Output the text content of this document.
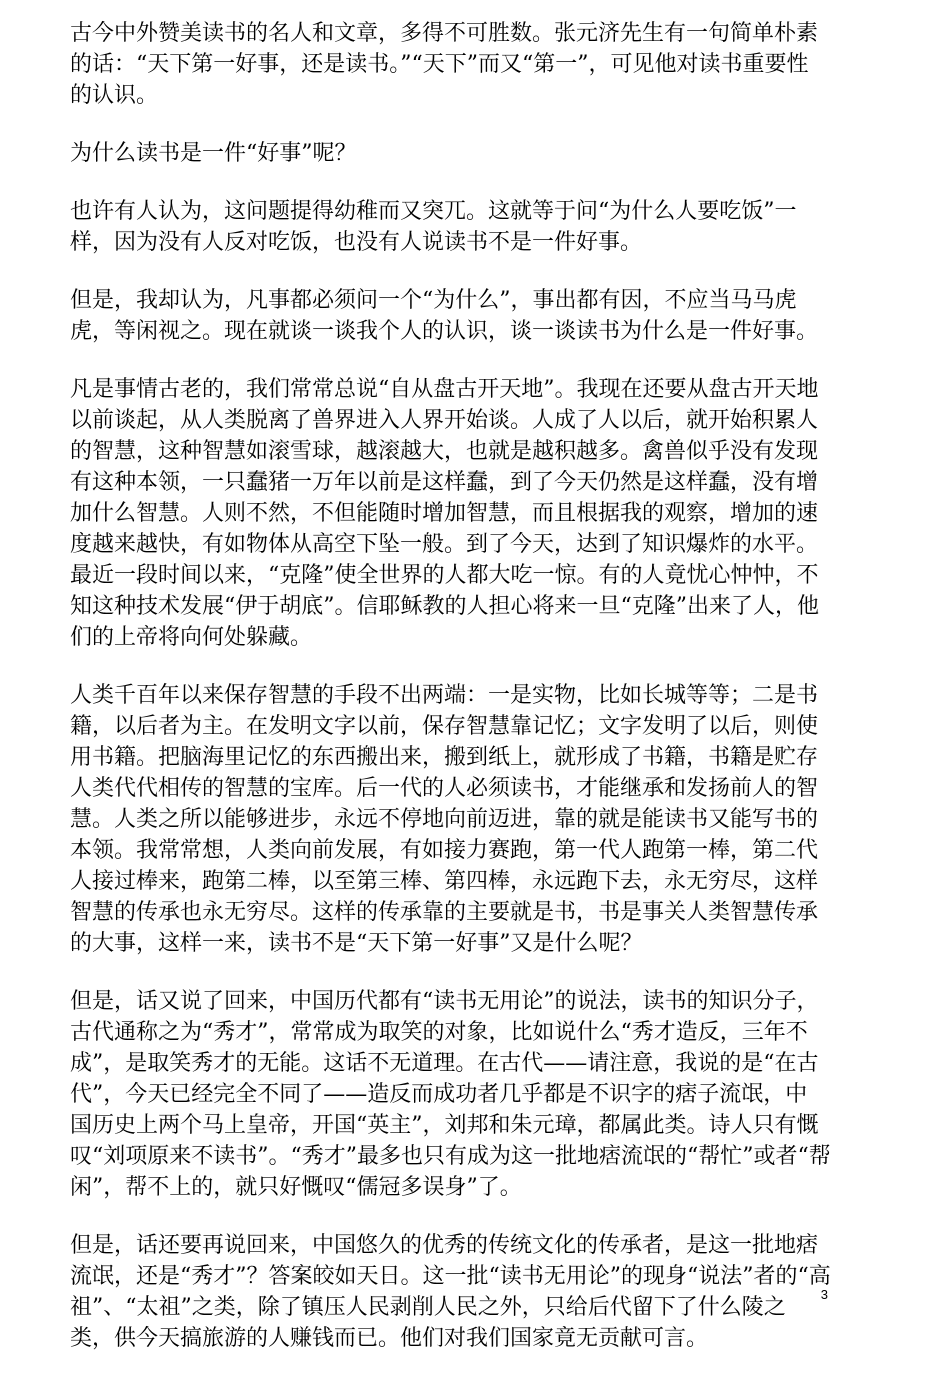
古今中外赞美读书的名人和文章，多得不可胜数。张元济先生有一句简单朴素
的话：“天下第一好事，还是读书。”“天下”而又“第一”，可见他对读书重要性
的认识。

为什么读书是一件“好事”呢？

也许有人认为，这问题提得幼稚而又突兀。这就等于问“为什么人要吃饭”一
样，因为没有人反对吃饭，也没有人说读书不是一件好事。

但是，我却认为，凡事都必须问一个“为什么”，事出都有因，不应当马马虎
虎，等闲视之。现在就谈一谈我个人的认识，谈一谈读书为什么是一件好事。

凡是事情古老的，我们常常总说“自从盘古开天地”。我现在还要从盘古开天地
以前谈起，从人类脱离了兽界进入人界开始谈。人成了人以后，就开始积累人
的智慧，这种智慧如滚雪球，越滚越大，也就是越积越多。禽兽似乎没有发现
有这种本领，一只蠢猪一万年以前是这样蠢，到了今天仍然是这样蠢，没有增
加什么智慧。人则不然，不但能随时增加智慧，而且根据我的观察，增加的速
度越来越快，有如物体从高空下坠一般。到了今天，达到了知识爆炸的水平。
最近一段时间以来，“克隆”使全世界的人都大吃一惊。有的人竟忧心忡忡，不
知这种技术发展“伊于胡底”。信耶稣教的人担心将来一旦“克隆”出来了人，他
们的上帝将向何处躲藏。

人类千百年以来保存智慧的手段不出两端：一是实物，比如长城等等；二是书
籍，以后者为主。在发明文字以前，保存智慧靠记忆；文字发明了以后，则使
用书籍。把脑海里记忆的东西搬出来，搬到纸上，就形成了书籍，书籍是贮存
人类代代相传的智慧的宝库。后一代的人必须读书，才能继承和发扬前人的智
慧。人类之所以能够进步，永远不停地向前迈进，靠的就是能读书又能写书的
本领。我常常想，人类向前发展，有如接力赛跑，第一代人跑第一棒，第二代
人接过棒来，跑第二棒，以至第三棒、第四棒，永远跑下去，永无穷尽，这样
智慧的传承也永无穷尽。这样的传承靠的主要就是书，书是事关人类智慧传承
的大事，这样一来，读书不是“天下第一好事”又是什么呢？

但是，话又说了回来，中国历代都有“读书无用论”的说法，读书的知识分子，
古代通称之为“秀才”，常常成为取笑的对象，比如说什么“秀才造反，三年不
成”，是取笑秀才的无能。这话不无道理。在古代——请注意，我说的是“在古
代”，今天已经完全不同了——造反而成功者几乎都是不识字的痞子流氓，中
国历史上两个马上皇帝，开国“英主”，刘邦和朱元璋，都属此类。诗人只有慨
叹“刘项原来不读书”。“秀才”最多也只有成为这一批地痞流氓的“帮忙”或者“帮
闲”，帮不上的，就只好慨叹“儒冠多误身”了。

但是，话还要再说回来，中国悠久的优秀的传统文化的传承者，是这一批地痞
流氓，还是“秀才”？答案皎如天日。这一批“读书无用论”的现身“说法”者的“高
祖”、“太祖”之类，除了镇压人民剥削人民之外，只给后代留下了什么陵之
类，供今天搞旅游的人赚钱而已。他们对我们国家竟无贡献可言。

3
